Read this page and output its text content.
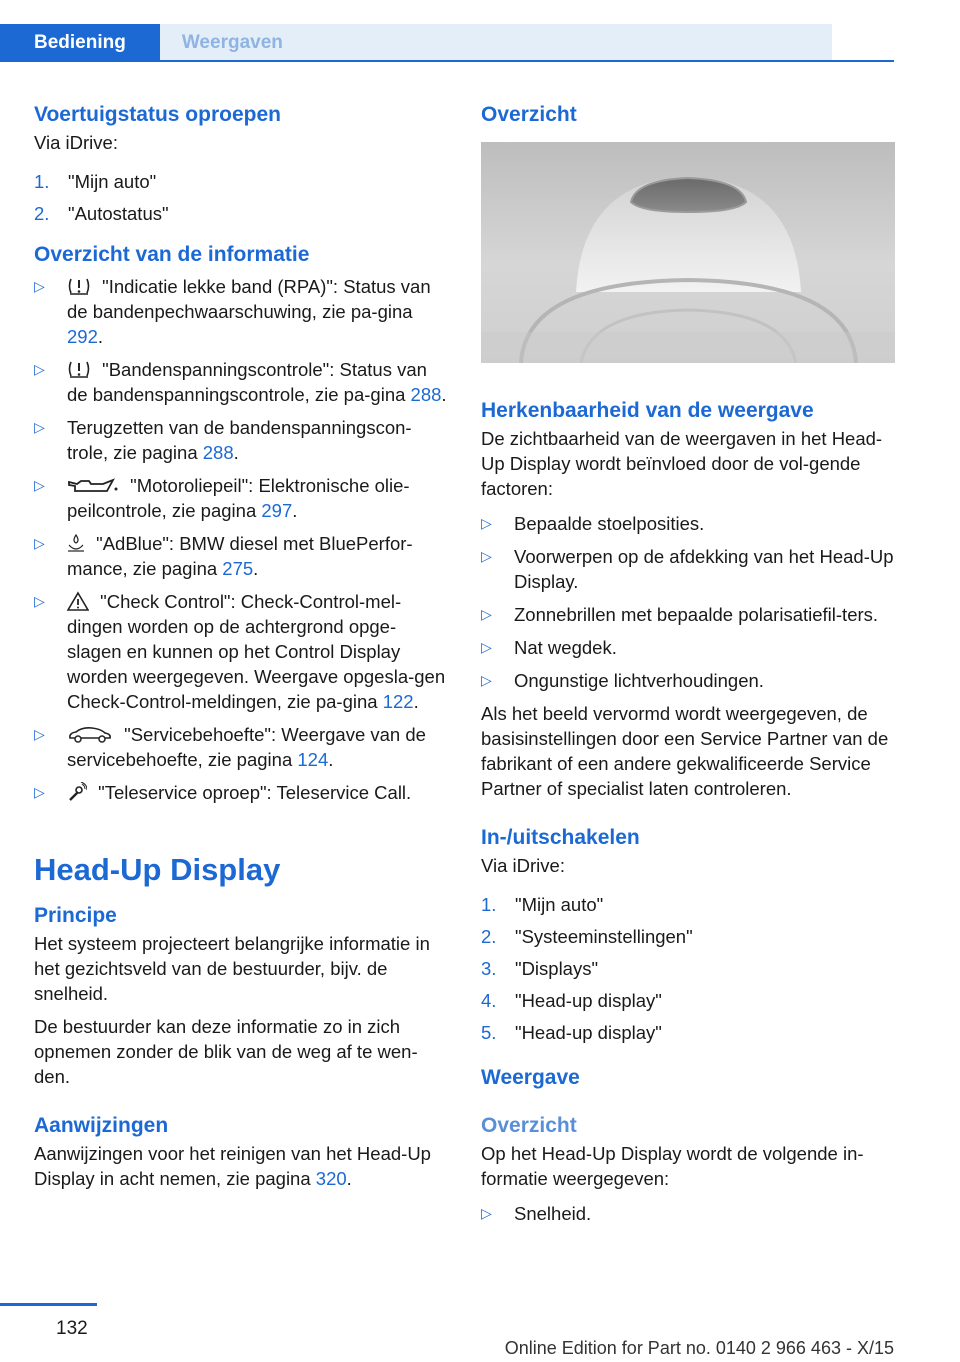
Bediening	Weergaven
Voertuigstatus oproepen

Via iDrive:

1.	"Mijn auto"
2.	"Autostatus"
Overzicht van de informatie
▷	"Indicatie lekke band (RPA)": Status van de bandenpechwaarschuwing, zie pa-gina 292.
▷	"Bandenspanningscontrole": Status van de bandenspanningscontrole, zie pa-gina 288.
▷	Terugzetten van de bandenspanningscon-trole, zie pagina 288.
▷	"Motoroliepeil": Elektronische olie-peilcontrole, zie pagina 297.
▷	"AdBlue": BMW diesel met BluePerfor-mance, zie pagina 275.
▷	"Check Control": Check-Control-mel-dingen worden op de achtergrond opge-slagen en kunnen op het Control Display worden weergegeven. Weergave opgesla-gen Check-Control-meldingen, zie pa-gina 122.
▷	"Servicebehoefte": Weergave van de servicebehoefte, zie pagina 124.
▷	"Teleservice oproep": Teleservice Call.
Head-Up Display
Principe

Het systeem projecteert belangrijke informatie in het gezichtsveld van de bestuurder, bijv. de snelheid.

De bestuurder kan deze informatie zo in zich opnemen zonder de blik van de weg af te wen-den.

Aanwijzingen

Aanwijzingen voor het reinigen van het Head-Up Display in acht nemen, zie pagina 320.

Overzicht
Herkenbaarheid van de weergave

De zichtbaarheid van de weergaven in het Head-Up Display wordt beïnvloed door de vol-gende factoren:

▷	Bepaalde stoelposities.
▷	Voorwerpen op de afdekking van het Head-Up Display.
▷	Zonnebrillen met bepaalde polarisatiefil-ters.
▷	Nat wegdek.
▷	Ongunstige lichtverhoudingen.

Als het beeld vervormd wordt weergegeven, de basisinstellingen door een Service Partner van de fabrikant of een andere gekwalificeerde Service Partner of specialist laten controleren.

In-/uitschakelen

Via iDrive:

1.	"Mijn auto"
2.	"Systeeminstellingen"
3.	"Displays"
4.	"Head-up display"
5.	"Head-up display"
Weergave
Overzicht

Op het Head-Up Display wordt de volgende in-formatie weergegeven:

▷	Snelheid.
132
Online Edition for Part no. 0140 2 966 463 - X/15
